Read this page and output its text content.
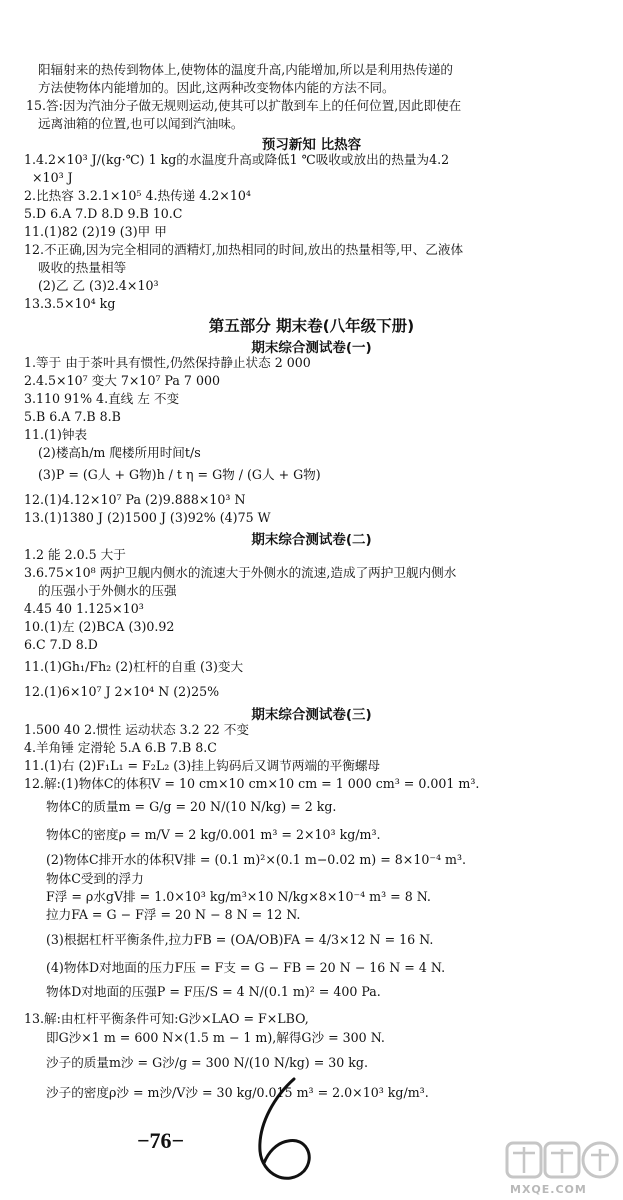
阳辐射来的热传到物体上,使物体的温度升高,内能增加,所以是利用热传递的
方法使物体内能增加的。因此,这两种改变物体内能的方法不同。
15.答:因为汽油分子做无规则运动,使其可以扩散到车上的任何位置,因此即使在
远离油箱的位置,也可以闻到汽油味。
预习新知 比热容
1.4.2×10³ J/(kg·℃) 1 kg的水温度升高或降低1 ℃吸收或放出的热量为4.2
×10³ J
2.比热容 3.2.1×10⁵ 4.热传递 4.2×10⁴
5.D 6.A 7.D 8.D 9.B 10.C
11.(1)82 (2)19 (3)甲 甲
12.不正确,因为完全相同的酒精灯,加热相同的时间,放出的热量相等,甲、乙液体
吸收的热量相等
(2)乙 乙 (3)2.4×10³
13.3.5×10⁴ kg
第五部分 期末卷(八年级下册)
期末综合测试卷(一)
1.等于 由于茶叶具有惯性,仍然保持静止状态 2 000
2.4.5×10⁷ 变大 7×10⁷ Pa 7 000
3.110 91% 4.直线 左 不变
5.B 6.A 7.B 8.B
11.(1)钟表
(2)楼高h/m 爬楼所用时间t/s
(3)P = (G人 + G物)h / t η = G物 / (G人 + G物)
12.(1)4.12×10⁷ Pa (2)9.888×10³ N
13.(1)1380 J (2)1500 J (3)92% (4)75 W
期末综合测试卷(二)
1.2 能 2.0.5 大于
3.6.75×10⁸ 两护卫舰内侧水的流速大于外侧水的流速,造成了两护卫舰内侧水
的压强小于外侧水的压强
4.45 40 1.125×10³
10.(1)左 (2)BCA (3)0.92
6.C 7.D 8.D
11.(1)Gh₁/Fh₂ (2)杠杆的自重 (3)变大
12.(1)6×10⁷ J 2×10⁴ N (2)25%
期末综合测试卷(三)
1.500 40 2.惯性 运动状态 3.2 22 不变
4.羊角锤 定滑轮 5.A 6.B 7.B 8.C
11.(1)右 (2)F₁L₁ = F₂L₂ (3)挂上钩码后又调节两端的平衡螺母
12.解:(1)物体C的体积V = 10 cm×10 cm×10 cm = 1 000 cm³ = 0.001 m³.
物体C的质量m = G/g = 20 N/(10 N/kg) = 2 kg.
物体C的密度ρ = m/V = 2 kg/0.001 m³ = 2×10³ kg/m³.
(2)物体C排开水的体积V排 = (0.1 m)²×(0.1 m−0.02 m) = 8×10⁻⁴ m³.
物体C受到的浮力
F浮 = ρ水gV排 = 1.0×10³ kg/m³×10 N/kg×8×10⁻⁴ m³ = 8 N.
拉力FA = G − F浮 = 20 N − 8 N = 12 N.
(3)根据杠杆平衡条件,拉力FB = (OA/OB)FA = 4/3×12 N = 16 N.
(4)物体D对地面的压力F压 = F支 = G − FB = 20 N − 16 N = 4 N.
物体D对地面的压强P = F压/S = 4 N/(0.1 m)² = 400 Pa.
13.解:由杠杆平衡条件可知:G沙×LAO = F×LBO,
即G沙×1 m = 600 N×(1.5 m − 1 m),解得G沙 = 300 N.
沙子的质量m沙 = G沙/g = 300 N/(10 N/kg) = 30 kg.
沙子的密度ρ沙 = m沙/V沙 = 30 kg/0.015 m³ = 2.0×10³ kg/m³.
−76−
MXQE.COM
